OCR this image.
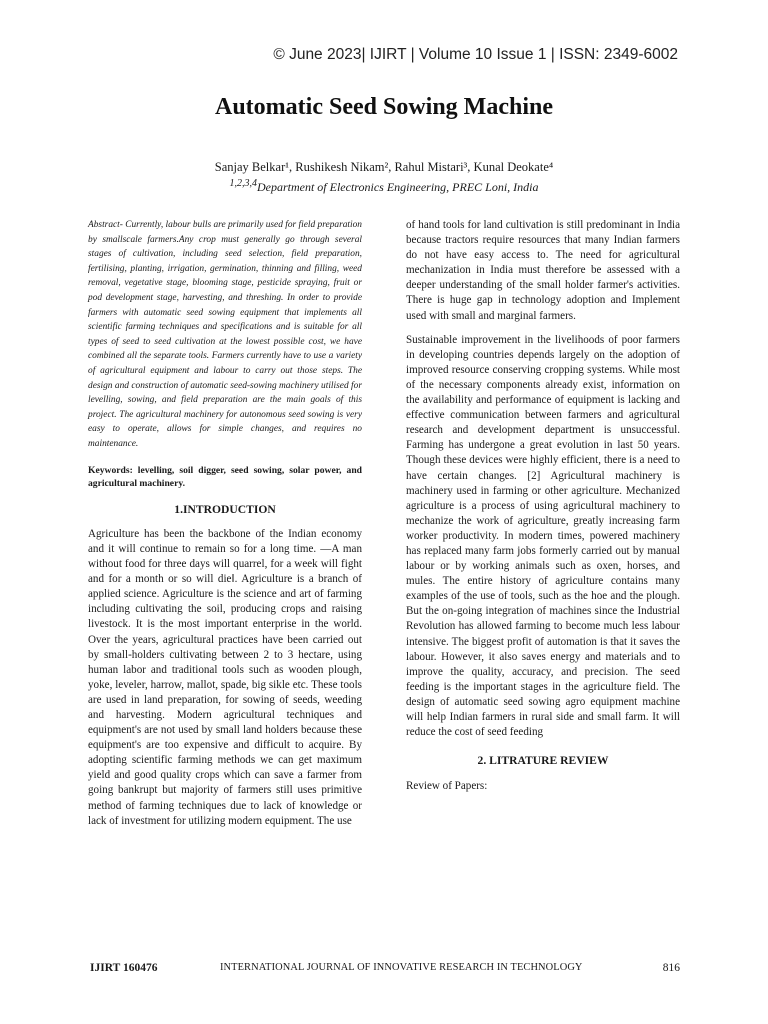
© June 2023| IJIRT | Volume 10 Issue 1 | ISSN: 2349-6002
Automatic Seed Sowing Machine
Sanjay Belkar¹, Rushikesh Nikam², Rahul Mistari³, Kunal Deokate⁴
$^{1,2,3,4}$Department of Electronics Engineering, PREC Loni, India

Abstract- Currently, labour bulls are primarily used for field preparation by smallscale farmers.Any crop must generally go through several stages of cultivation, including seed selection, field preparation, fertilising, planting, irrigation, germination, thinning and filling, weed removal, vegetative stage, blooming stage, pesticide spraying, fruit or pod development stage, harvesting, and threshing. In order to provide farmers with automatic seed sowing equipment that implements all scientific farming techniques and specifications and is suitable for all types of seed to seed cultivation at the lowest possible cost, we have combined all the separate tools. Farmers currently have to use a variety of agricultural equipment and labour to carry out those steps. The design and construction of automatic seed-sowing machinery utilised for levelling, sowing, and field preparation are the main goals of this project. The agricultural machinery for autonomous seed sowing is very easy to operate, allows for simple changes, and requires no maintenance.

Keywords: levelling, soil digger, seed sowing, solar power, and agricultural machinery.

1.INTRODUCTION

Agriculture has been the backbone of the Indian economy and it will continue to remain so for a long time. —A man without food for three days will quarrel, for a week will fight and for a month or so will dieǁ. Agriculture is a branch of applied science. Agriculture is the science and art of farming including cultivating the soil, producing crops and raising livestock. It is the most important enterprise in the world. Over the years, agricultural practices have been carried out by small-holders cultivating between 2 to 3 hectare, using human labor and traditional tools such as wooden plough, yoke, leveler, harrow, mallot, spade, big sikle etc. These tools are used in land preparation, for sowing of seeds, weeding and harvesting. Modern agricultural techniques and equipment's are not used by small land holders because these equipment's are too expensive and difficult to acquire. By adopting scientific farming methods we can get maximum yield and good quality crops which can save a farmer from going bankrupt but majority of farmers still uses primitive method of farming techniques due to lack of knowledge or lack of investment for utilizing modern equipment. The use

of hand tools for land cultivation is still predominant in India because tractors require resources that many Indian farmers do not have easy access to. The need for agricultural mechanization in India must therefore be assessed with a deeper understanding of the small holder farmer's activities. There is huge gap in technology adoption and Implement used with small and marginal farmers.

Sustainable improvement in the livelihoods of poor farmers in developing countries depends largely on the adoption of improved resource conserving cropping systems. While most of the necessary components already exist, information on the availability and performance of equipment is lacking and effective communication between farmers and agricultural research and development department is unsuccessful. Farming has undergone a great evolution in last 50 years. Though these devices were highly efficient, there is a need to have certain changes. [2] Agricultural machinery is machinery used in farming or other agriculture. Mechanized agriculture is a process of using agricultural machinery to mechanize the work of agriculture, greatly increasing farm worker productivity. In modern times, powered machinery has replaced many farm jobs formerly carried out by manual labour or by working animals such as oxen, horses, and mules. The entire history of agriculture contains many examples of the use of tools, such as the hoe and the plough. But the on-going integration of machines since the Industrial Revolution has allowed farming to become much less labour intensive. The biggest profit of automation is that it saves the labour. However, it also saves energy and materials and to improve the quality, accuracy, and precision. The seed feeding is the important stages in the agriculture field. The design of automatic seed sowing agro equipment machine will help Indian farmers in rural side and small farm. It will reduce the cost of seed feeding

2. LITRATURE REVIEW

Review of Papers:

IJIRT 160476	INTERNATIONAL JOURNAL OF INNOVATIVE RESEARCH IN TECHNOLOGY	816
